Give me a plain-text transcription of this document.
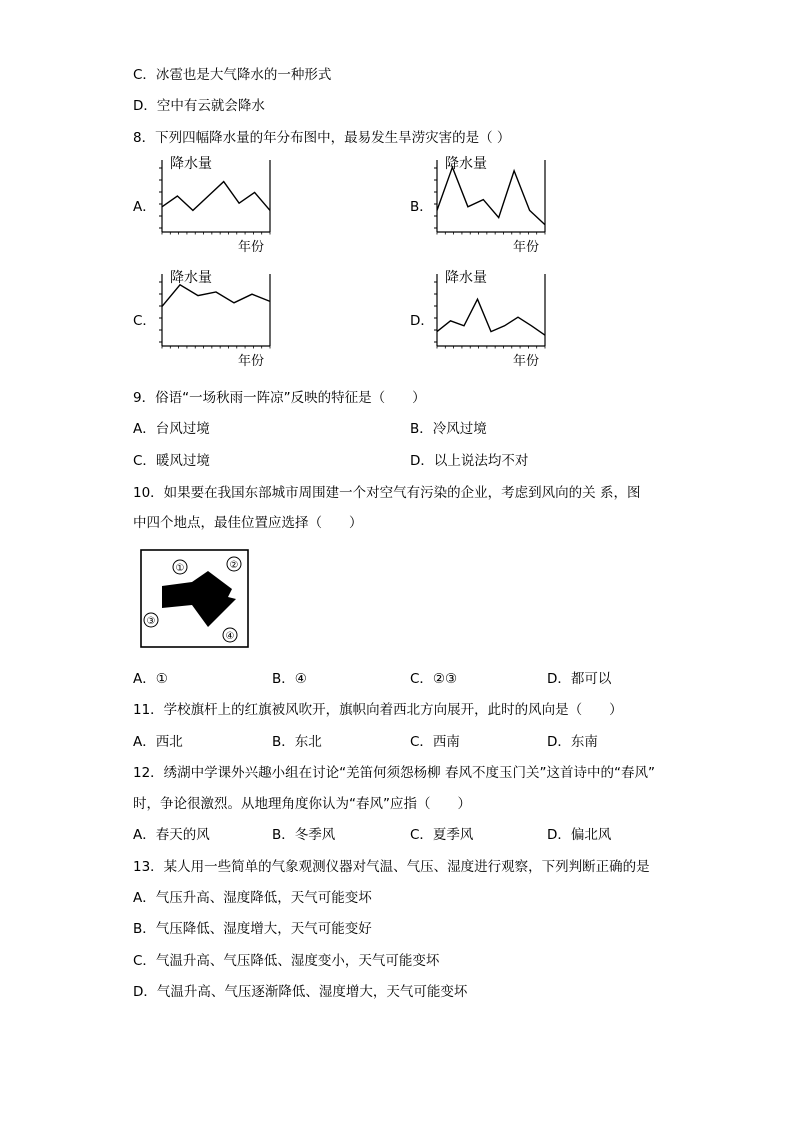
C．冰雹也是大气降水的一种形式
D．空中有云就会降水
8．下列四幅降水量的年分布图中，最易发生旱涝灾害的是（ ）
A．
降水量
年份
B．
降水量
年份
C．
降水量
年份
D．
降水量
年份
9．俗语“一场秋雨一阵凉”反映的特征是（　　）
A．台风过境	B．冷风过境
C．暖风过境	D．以上说法均不对
10．如果要在我国东部城市周围建一个对空气有污染的企业，考虑到风向的关 系，图
中四个地点，最佳位置应选择（　　）
①	②
③
④
A．①	B．④	C．②③	D．都可以
11．学校旗杆上的红旗被风吹开，旗帜向着西北方向展开，此时的风向是（　　）
A．西北	B．东北	C．西南	D．东南
12．绣湖中学课外兴趣小组在讨论“羌笛何须怨杨柳 春风不度玉门关”这首诗中的“春风”
时，争论很激烈。从地理角度你认为“春风”应指（　　）
A．春天的风	B．冬季风	C．夏季风	D．偏北风
13．某人用一些简单的气象观测仪器对气温、气压、湿度进行观察，下列判断正确的是
A．气压升高、湿度降低，天气可能变坏
B．气压降低、湿度增大，天气可能变好
C．气温升高、气压降低、湿度变小，天气可能变坏
D．气温升高、气压逐渐降低、湿度增大，天气可能变坏
